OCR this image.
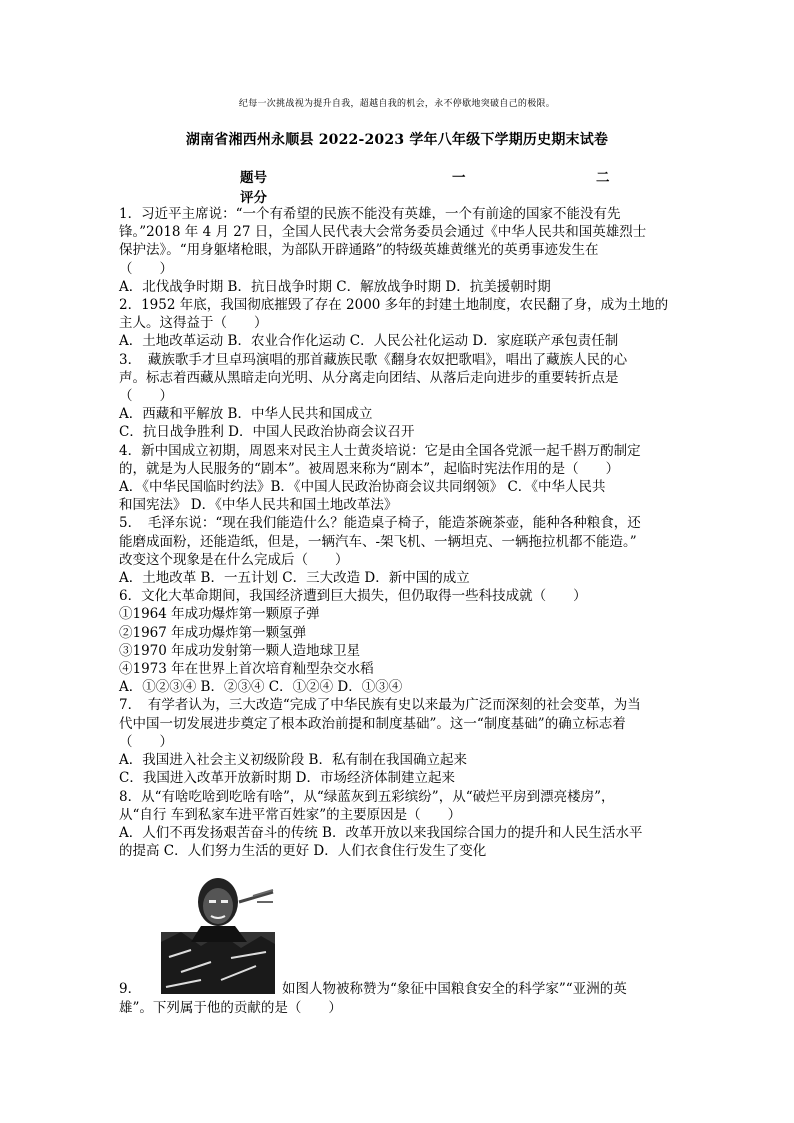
纪每一次挑战视为提升自我，超越自我的机会，永不停歇地突破自己的极限。
湖南省湘西州永顺县 2022-2023 学年八年级下学期历史期末试卷
题号	一	二
评分

1．习近平主席说：“一个有希望的民族不能没有英雄，一个有前途的国家不能没有先

锋。”2018 年 4 月 27 日，全国人民代表大会常务委员会通过《中华人民共和国英雄烈士

保护法》。“用身躯堵枪眼，为部队开辟通路”的特级英雄黄继光的英勇事迹发生在

（　　）

A．北伐战争时期 B．抗日战争时期 C．解放战争时期 D．抗美援朝时期

2．1952 年底，我国彻底摧毁了存在 2000 多年的封建土地制度，农民翻了身，成为土地的

主人。这得益于（　　）

A．土地改革运动 B．农业合作化运动 C．人民公社化运动 D．家庭联产承包责任制

3．　藏族歌手才旦卓玛演唱的那首藏族民歌《翻身农奴把歌唱》，唱出了藏族人民的心

声。标志着西藏从黑暗走向光明、从分离走向团结、从落后走向进步的重要转折点是

（　　）

A．西藏和平解放 B．中华人民共和国成立

C．抗日战争胜利 D．中国人民政治协商会议召开

4．新中国成立初期，周恩来对民主人士黄炎培说：它是由全国各党派一起千斟万酌制定

的，就是为人民服务的“剧本”。被周恩来称为“剧本”，起临时宪法作用的是（　　）

A．《中华民国临时约法》B．《中国人民政治协商会议共同纲领》 C．《中华人民共

和国宪法》 D．《中华人民共和国土地改革法》

5．　毛泽东说：“现在我们能造什么？能造桌子椅子，能造茶碗茶壶，能种各种粮食，还

能磨成面粉，还能造纸，但是，一辆汽车、-架飞机、一辆坦克、一辆拖拉机都不能造。”

改变这个现象是在什么完成后（　　）

A．土地改革 B．一五计划 C．三大改造 D．新中国的成立

6．文化大革命期间，我国经济遭到巨大损失，但仍取得一些科技成就（　　）

①1964 年成功爆炸第一颗原子弹

②1967 年成功爆炸第一颗氢弹

③1970 年成功发射第一颗人造地球卫星

④1973 年在世界上首次培育籼型杂交水稻

A．①②③④ B．②③④ C．①②④ D．①③④

7．　有学者认为，三大改造“完成了中华民族有史以来最为广泛而深刻的社会变革，为当

代中国一切发展进步奠定了根本政治前提和制度基础”。这一“制度基础”的确立标志着

（　　）

A．我国进入社会主义初级阶段 B．私有制在我国确立起来

C．我国进入改革开放新时期 D．市场经济体制建立起来

8．从“有啥吃啥到吃啥有啥”，从“绿蓝灰到五彩缤纷”，从“破烂平房到漂亮楼房”，

从“自行 车到私家车进平常百姓家”的主要原因是（　　）

A．人们不再发扬艰苦奋斗的传统 B．改革开放以来我国综合国力的提升和人民生活水平

的提高 C．人们努力生活的更好 D．人们衣食住行发生了变化

9．	如图人物被称赞为“象征中国粮食安全的科学家”“亚洲的英

雄”。下列属于他的贡献的是（　　）
